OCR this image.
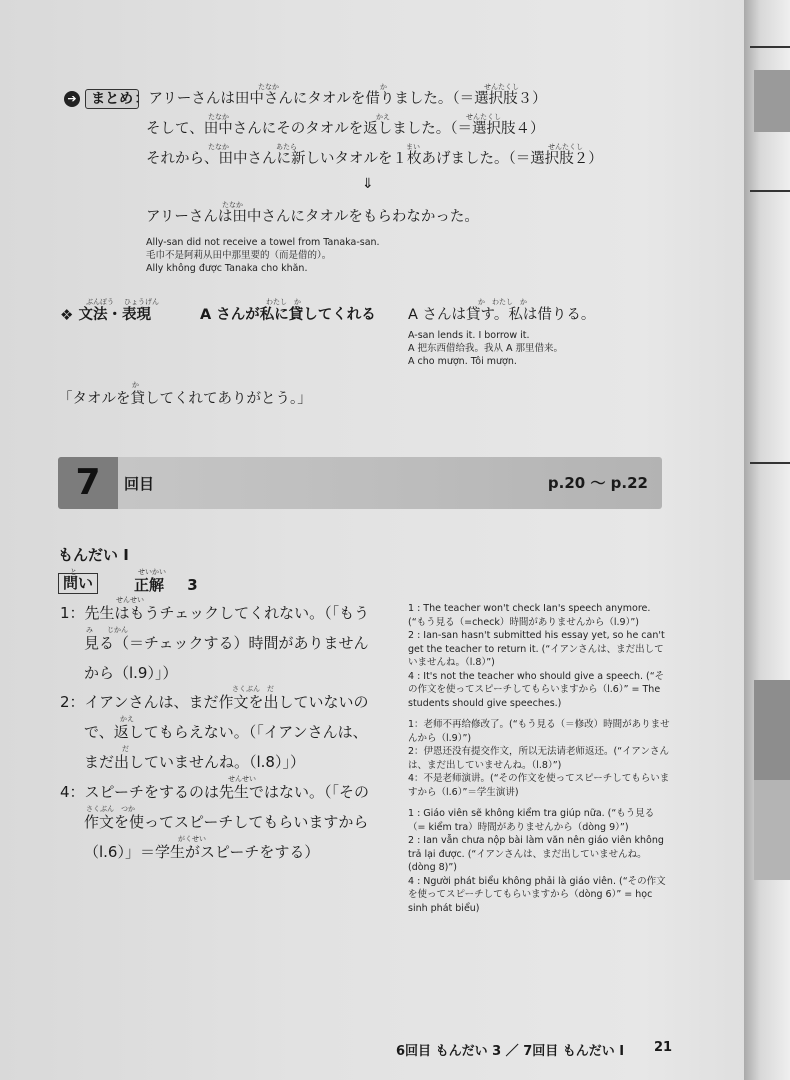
➔ まとめ
たなか	か	せんたくし
：アリーさんは田中さんにタオルを借りました。（＝選択肢３）
たなか	かえ	せんたくし
そして、田中さんにそのタオルを返しました。（＝選択肢４）
たなか	あたら	まい	せんたくし
それから、田中さんに新しいタオルを１枚あげました。（＝選択肢２）
⇓
たなか
アリーさんは田中さんにタオルをもらわなかった。
Ally-san did not receive a towel from Tanaka-san.
毛巾不是阿莉从田中那里要的（而是借的）。
Ally không được Tanaka cho khăn.
ぶんぽう ひょうげん
❖ 文法・表現
わたし　か
A さんが私に貸してくれる
か　わたし　か
A さんは貸す。私は借りる。
A-san lends it. I borrow it.
A 把东西借给我。我从 A 那里借来。
A cho mượn. Tôi mượn.
か
「タオルを貸してくれてありがとう。」
7	回目	p.20 ～ p.22
もんだい I
と
問い
せいかい
正解 3
せんせい
1：先生はもうチェックしてくれない。（「もう
み　　じかん
見る（＝チェックする）時間がありません
から（l.9）」）
さくぶん　だ
2：イアンさんは、まだ作文を出していないの
かえ
で、返してもらえない。（「イアンさんは、
だ
まだ出していませんね。（l.8）」）
せんせい
4：スピーチをするのは先生ではない。（「その
さくぶん　つか
作文を使ってスピーチしてもらいますから
がくせい
（l.6）」＝学生がスピーチをする）
1 : The teacher won't check Ian's speech anymore. (“もう見る（=check）時間がありませんから（l.9）”)
2 : Ian-san hasn't submitted his essay yet, so he can't get the teacher to return it. (“イアンさんは、まだ出していませんね。（l.8）”)
4 : It's not the teacher who should give a speech. (“その作文を使ってスピーチしてもらいますから（l.6）” = The students should give speeches.)
1：老师不再给修改了。(“もう見る（＝修改）時間がありませんから（l.9）”)
2：伊恩还没有提交作文，所以无法请老师返还。(“イアンさんは、まだ出していませんね。（l.8）”)
4：不是老师演讲。(“その作文を使ってスピーチしてもらいますから（l.6）”＝学生演讲)
1 : Giáo viên sẽ không kiểm tra giúp nữa. (“もう見る（= kiểm tra）時間がありませんから（dòng 9）”)
2 : Ian vẫn chưa nộp bài làm văn nên giáo viên không trả lại được. (“イアンさんは、まだ出していませんね。(dòng 8)”)
4 : Người phát biểu không phải là giáo viên. (“その作文を使ってスピーチしてもらいますから（dòng 6）” = học sinh phát biểu)
6回目 もんだい 3 ／ 7回目 もんだい I 21
